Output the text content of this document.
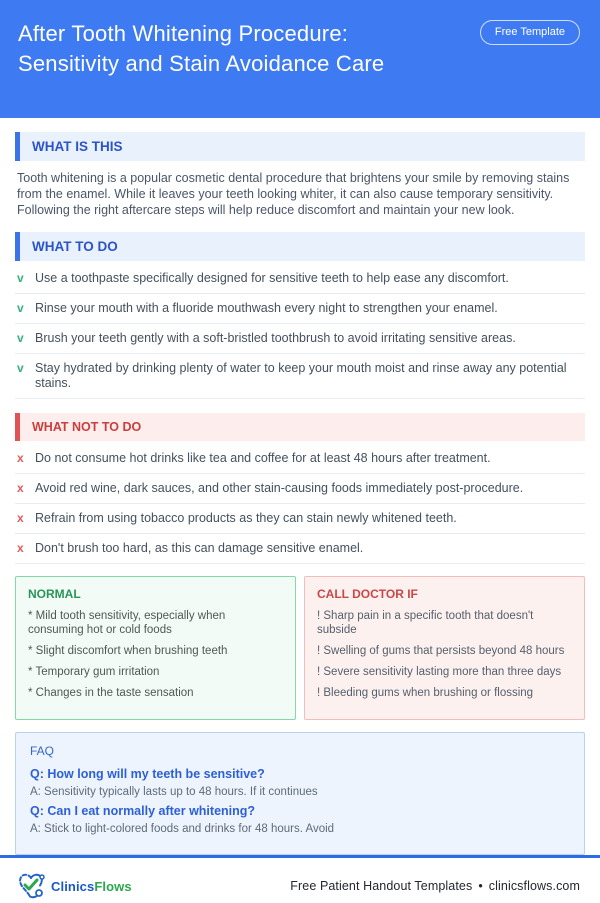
After Tooth Whitening Procedure:
Sensitivity and Stain Avoidance Care
Free Template
WHAT IS THIS

Tooth whitening is a popular cosmetic dental procedure that brightens your smile by removing stains from the enamel. While it leaves your teeth looking whiter, it can also cause temporary sensitivity. Following the right aftercare steps will help reduce discomfort and maintain your new look.

WHAT TO DO
v Use a toothpaste specifically designed for sensitive teeth to help ease any discomfort.
v Rinse your mouth with a fluoride mouthwash every night to strengthen your enamel.
v Brush your teeth gently with a soft-bristled toothbrush to avoid irritating sensitive areas.
v Stay hydrated by drinking plenty of water to keep your mouth moist and rinse away any potential stains.
WHAT NOT TO DO
x Do not consume hot drinks like tea and coffee for at least 48 hours after treatment.
x Avoid red wine, dark sauces, and other stain-causing foods immediately post-procedure.
x Refrain from using tobacco products as they can stain newly whitened teeth.
x Don't brush too hard, as this can damage sensitive enamel.
NORMAL
* Mild tooth sensitivity, especially when consuming hot or cold foods
* Slight discomfort when brushing teeth
* Temporary gum irritation
* Changes in the taste sensation
CALL DOCTOR IF
! Sharp pain in a specific tooth that doesn't subside
! Swelling of gums that persists beyond 48 hours
! Severe sensitivity lasting more than three days
! Bleeding gums when brushing or flossing
FAQ
Q: How long will my teeth be sensitive?
A: Sensitivity typically lasts up to 48 hours. If it continues
Q: Can I eat normally after whitening?
A: Stick to light-colored foods and drinks for 48 hours. Avoid
ClinicsFlows	Free Patient Handout Templates • clinicsflows.com
